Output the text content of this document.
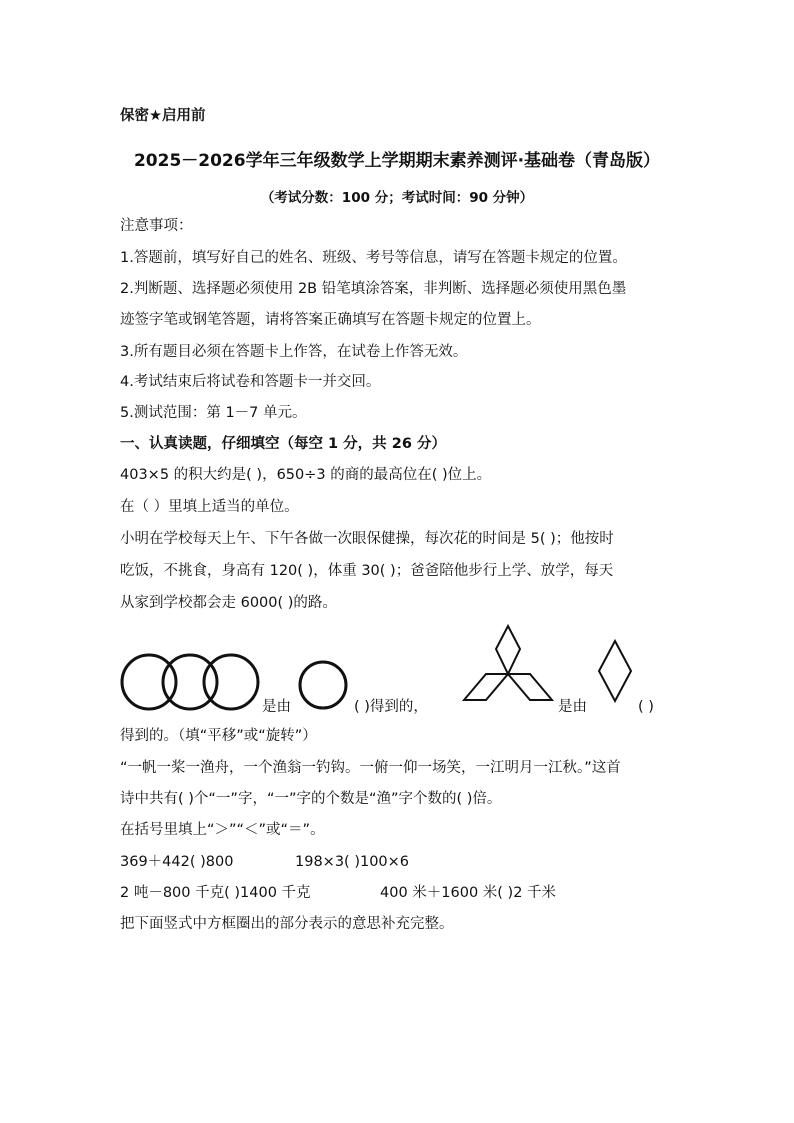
保密★启用前
2025－2026学年三年级数学上学期期末素养测评·基础卷（青岛版）
（考试分数：100 分；考试时间：90 分钟）
注意事项：
1.答题前，填写好自己的姓名、班级、考号等信息，请写在答题卡规定的位置。
2.判断题、选择题必须使用 2B 铅笔填涂答案，非判断、选择题必须使用黑色墨
迹签字笔或钢笔答题，请将答案正确填写在答题卡规定的位置上。
3.所有题目必须在答题卡上作答，在试卷上作答无效。
4.考试结束后将试卷和答题卡一并交回。
5.测试范围：第 1－7 单元。
一、认真读题，仔细填空（每空 1 分，共 26 分）
403×5 的积大约是( )，650÷3 的商的最高位在( )位上。
在（ ）里填上适当的单位。
小明在学校每天上午、下午各做一次眼保健操，每次花的时间是 5( )；他按时
吃饭，不挑食，身高有 120( )，体重 30( )；爸爸陪他步行上学、放学，每天
从家到学校都会走 6000( )的路。
是由	( )得到的，	是由	( )
得到的。（填“平移”或“旋转”）
“一帆一桨一渔舟，一个渔翁一钓钩。一俯一仰一场笑，一江明月一江秋。”这首
诗中共有( )个“一”字，“一”字的个数是“渔”字个数的( )倍。
在括号里填上“＞”“＜”或“＝”。
369＋442( )800	198×3( )100×6
2 吨－800 千克( )1400 千克	400 米＋1600 米( )2 千米
把下面竖式中方框圈出的部分表示的意思补充完整。
